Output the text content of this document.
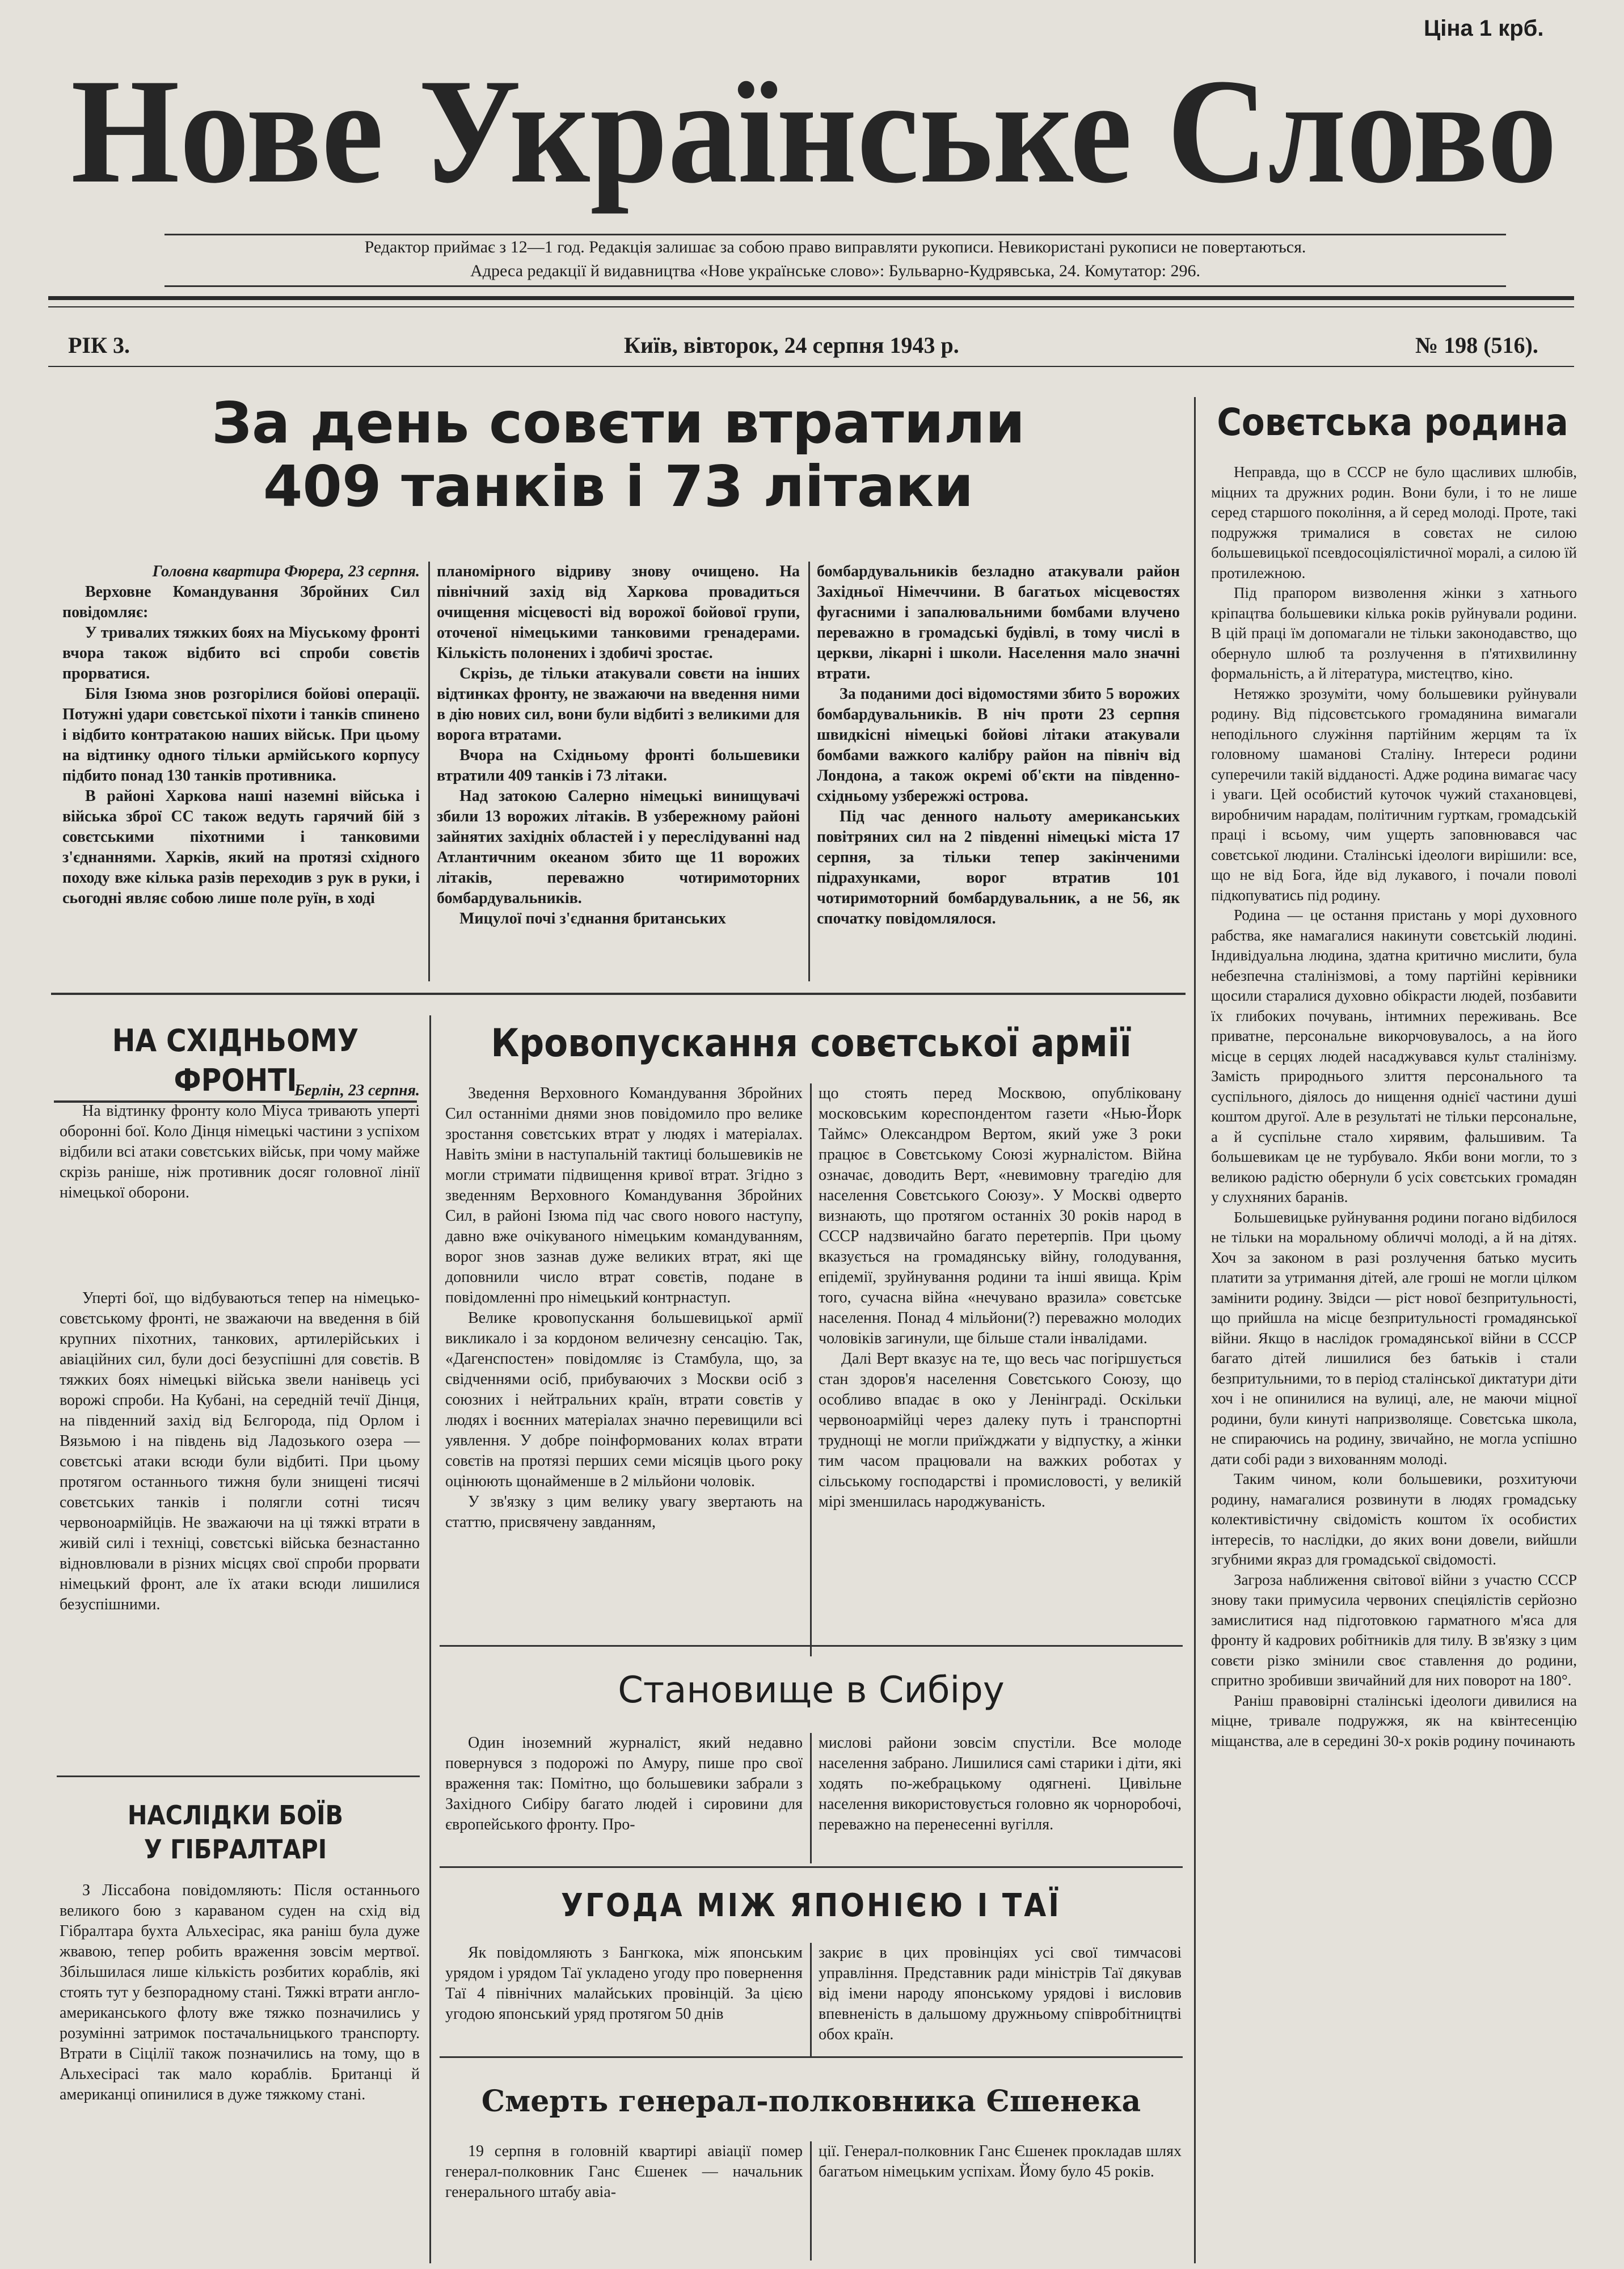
Ціна 1 крб.
Нове Українське Слово
Редактор приймає з 12—1 год. Редакція залишає за собою право виправляти рукописи. Невикористані рукописи не повертаються.
Адреса редакції й видавництва «Нове українське слово»: Бульварно-Кудрявська, 24. Комутатор: 296.
РІК 3.	Київ, вівторок, 24 серпня 1943 р.	№ 198 (516).
За день совєти втратили
409 танків і 73 літаки

Головна квартира Фюрера, 23 серпня.

Верховне Командування Збройних Сил повідомляє:

У тривалих тяжких боях на Міуському фронті вчора також відбито всі спроби совєтів прорватися.

Біля Ізюма знов розгорілися бойові операції. Потужні удари совєтської піхоти і танків спинено і відбито контратакою наших військ. При цьому на відтинку одного тільки армійського корпусу підбито понад 130 танків противника.

В районі Харкова наші наземні війська і війська зброї СС також ведуть гарячий бій з совєтськими піхотними і танковими з'єднаннями. Харків, який на протязі східного походу вже кілька разів переходив з рук в руки, і сьогодні являє собою лише поле руїн, в ході

планомірного відриву знову очищено. На північний захід від Харкова провадиться очищення місцевості від ворожої бойової групи, оточеної німецькими танковими гренадерами. Кількість полонених і здобичі зростає.

Скрізь, де тільки атакували совєти на інших відтинках фронту, не зважаючи на введення ними в дію нових сил, вони були відбиті з великими для ворога втратами.

Вчора на Східньому фронті большевики втратили 409 танків і 73 літаки.

Над затокою Салерно німецькі винищувачі збили 13 ворожих літаків. В узбережному районі зайнятих західніх областей і у переслідуванні над Атлантичним океаном збито ще 11 ворожих літаків, переважно чотиримоторних бомбардувальників.

Мицулої почі з'єднання британських

бомбардувальників безладно атакували район Західньої Німеччини. В багатьох місцевостях фугасними і запалювальними бомбами влучено переважно в громадські будівлі, в тому числі в церкви, лікарні і школи. Населення мало значні втрати.

За поданими досі відомостями збито 5 ворожих бомбардувальників. В ніч проти 23 серпня швидкісні німецькі бойові літаки атакували бомбами важкого калібру район на північ від Лондона, а також окремі об'єкти на південно-східньому узбережжі острова.

Під час денного нальоту американських повітряних сил на 2 південні німецькі міста 17 серпня, за тільки тепер закінченими підрахунками, ворог втратив 101 чотиримоторний бомбардувальник, а не 56, як спочатку повідомлялося.

Совєтська родина

Неправда, що в СССР не було щасливих шлюбів, міцних та дружних родин. Вони були, і то не лише серед старшого покоління, а й серед молоді. Проте, такі подружжя трималися в совєтах не силою большевицької псевдосоціялістичної моралі, а силою їй протилежною.

Під прапором визволення жінки з хатнього кріпацтва большевики кілька років руйнували родини. В цій праці їм допомагали не тільки законодавство, що обернуло шлюб та розлучення в п'ятихвилинну формальність, а й література, мистецтво, кіно.

Нетяжко зрозуміти, чому большевики руйнували родину. Від підсовєтського громадянина вимагали неподільного служіння партійним жерцям та їх головному шаманові Сталіну. Інтереси родини суперечили такій відданості. Адже родина вимагає часу і уваги. Цей особистий куточок чужий стахановцеві, виробничим нарадам, політичним гурткам, громадській праці і всьому, чим ущерть заповнювався час совєтської людини. Сталінські ідеологи вирішили: все, що не від Бога, йде від лукавого, і почали поволі підкопуватись під родину.

Родина — це остання пристань у морі духовного рабства, яке намагалися накинути совєтській людині. Індивідуальна людина, здатна критично мислити, була небезпечна сталінізмові, а тому партійні керівники щосили старалися духовно обікрасти людей, позбавити їх глибоких почувань, інтимних переживань. Все приватне, персональне викорчовувалось, а на його місце в серцях людей насаджувався культ сталінізму. Замість природнього злиття персонального та суспільного, діялось до нищення однієї частини душі коштом другої. Але в результаті не тільки персональне, а й суспільне стало хирявим, фальшивим. Та большевикам це не турбувало. Якби вони могли, то з великою радістю обернули б усіх совєтських громадян у слухняних баранів.

Большевицьке руйнування родини погано відбилося не тільки на моральному обличчі молоді, а й на дітях. Хоч за законом в разі розлучення батько мусить платити за утримання дітей, але гроші не могли цілком замінити родину. Звідси — ріст нової безпритульності, що прийшла на місце безпритульності громадянської війни. Якщо в наслідок громадянської війни в СССР багато дітей лишилися без батьків і стали безпритульними, то в період сталінської диктатури діти хоч і не опинилися на вулиці, але, не маючи міцної родини, були кинуті напризволяще. Совєтська школа, не спираючись на родину, звичайно, не могла успішно дати собі ради з вихованням молоді.

Таким чином, коли большевики, розхитуючи родину, намагалися розвинути в людях громадську колективістичну свідомість коштом їх особистих інтересів, то наслідки, до яких вони довели, вийшли згубними якраз для громадської свідомості.

Загроза наближення світової війни з участю СССР знову таки примусила червоних спеціялістів серйозно замислитися над підготовкою гарматного м'яса для фронту й кадрових робітників для тилу. В зв'язку з цим совєти різко змінили своє ставлення до родини, спритно зробивши звичайний для них поворот на 180°.

Раніш правовірні сталінські ідеологи дивилися на міцне, тривале подружжя, як на квінтесенцію міщанства, але в середині 30-х років родину починають

НА СХІДНЬОМУ ФРОНТІ

Берлін, 23 серпня.

На відтинку фронту коло Міуса тривають уперті оборонні бої. Коло Дінця німецькі частини з успіхом відбили всі атаки совєтських військ, при чому майже скрізь раніше, ніж противник досяг головної лінії німецької оборони.

Уперті бої, що відбуваються тепер на німецько-совєтському фронті, не зважаючи на введення в бій крупних піхотних, танкових, артилерійських і авіаційних сил, були досі безуспішні для совєтів. В тяжких боях німецькі війська звели нанівець усі ворожі спроби. На Кубані, на середній течії Дінця, на південний захід від Бєлгорода, під Орлом і Вязьмою і на південь від Ладозького озера — совєтські атаки всюди були відбиті. При цьому протягом останнього тижня були знищені тисячі совєтських танків і полягли сотні тисяч червоноармійців. Не зважаючи на ці тяжкі втрати в живій силі і техніці, совєтські війська безнастанно відновлювали в різних місцях свої спроби прорвати німецький фронт, але їх атаки всюди лишилися безуспішними.

НАСЛІДКИ БОЇВ
У ГІБРАЛТАРІ

З Ліссабона повідомляють: Після останнього великого бою з караваном суден на схід від Гібралтара бухта Альхесірас, яка раніш була дуже жвавою, тепер робить враження зовсім мертвої. Збільшилася лише кількість розбитих кораблів, які стоять тут у безпорадному стані. Тяжкі втрати англо-американського флоту вже тяжко позначились у розумінні затримок постачальницького транспорту. Втрати в Сіцілії також позначились на тому, що в Альхесірасі так мало кораблів. Британці й американці опинилися в дуже тяжкому стані.

Кровопускання совєтської армії

Зведення Верховного Командування Збройних Сил останніми днями знов повідомило про велике зростання совєтських втрат у людях і матеріалах. Навіть зміни в наступальній тактиці большевиків не могли стримати підвищення кривої втрат. Згідно з зведенням Верховного Командування Збройних Сил, в районі Ізюма під час свого нового наступу, давно вже очікуваного німецьким командуванням, ворог знов зазнав дуже великих втрат, які ще доповнили число втрат совєтів, подане в повідомленні про німецький контрнаступ.

Велике кровопускання большевицької армії викликало і за кордоном величезну сенсацію. Так, «Дагенспостен» повідомляє із Стамбула, що, за свідченнями осіб, прибуваючих з Москви осіб з союзних і нейтральних країн, втрати совєтів у людях і воєнних матеріалах значно перевищили всі уявлення. У добре поінформованих колах втрати совєтів на протязі перших семи місяців цього року оцінюють щонайменше в 2 мільйони чоловік.

У зв'язку з цим велику увагу звертають на статтю, присвячену завданням,

що стоять перед Москвою, опубліковану московським кореспондентом газети «Нью-Йорк Таймс» Олександром Вертом, який уже 3 роки працює в Совєтському Союзі журналістом. Війна означає, доводить Верт, «невимовну трагедію для населення Совєтського Союзу». У Москві одверто визнають, що протягом останніх 30 років народ в СССР надзвичайно багато перетерпів. При цьому вказується на громадянську війну, голодування, епідемії, зруйнування родини та інші явища. Крім того, сучасна війна «нечувано вразила» совєтське населення. Понад 4 мільйони(?) переважно молодих чоловіків загинули, ще більше стали інвалідами.

Далі Верт вказує на те, що весь час погіршується стан здоров'я населення Совєтського Союзу, що особливо впадає в око у Ленінграді. Оскільки червоноармійці через далеку путь і транспортні труднощі не могли приїжджати у відпустку, а жінки тим часом працювали на важких роботах у сільському господарстві і промисловості, у великій мірі зменшилась народжуваність.

Становище в Сибіру

Один іноземний журналіст, який недавно повернувся з подорожі по Амуру, пише про свої враження так: Помітно, що большевики забрали з Західного Сибіру багато людей і сировини для європейського фронту. Про-

мислові райони зовсім спустіли. Все молоде населення забрано. Лишилися самі старики і діти, які ходять по-жебрацькому одягнені. Цивільне населення використовується головно як чорноробочі, переважно на перенесенні вугілля.

УГОДА МІЖ ЯПОНІЄЮ І ТАЇ

Як повідомляють з Бангкока, між японським урядом і урядом Таї укладено угоду про повернення Таї 4 північних малайських провінцій. За цією угодою японський уряд протягом 50 днів

закриє в цих провінціях усі свої тимчасові управління. Представник ради міністрів Таї дякував від імени народу японському урядові і висловив впевненість в дальшому дружньому співробітництві обох країн.

Смерть генерал-полковника Єшенека

19 серпня в головній квартирі авіації помер генерал-полковник Ганс Єшенек — начальник генерального штабу авіа-

ції. Генерал-полковник Ганс Єшенек прокладав шлях багатьом німецьким успіхам. Йому було 45 років.
